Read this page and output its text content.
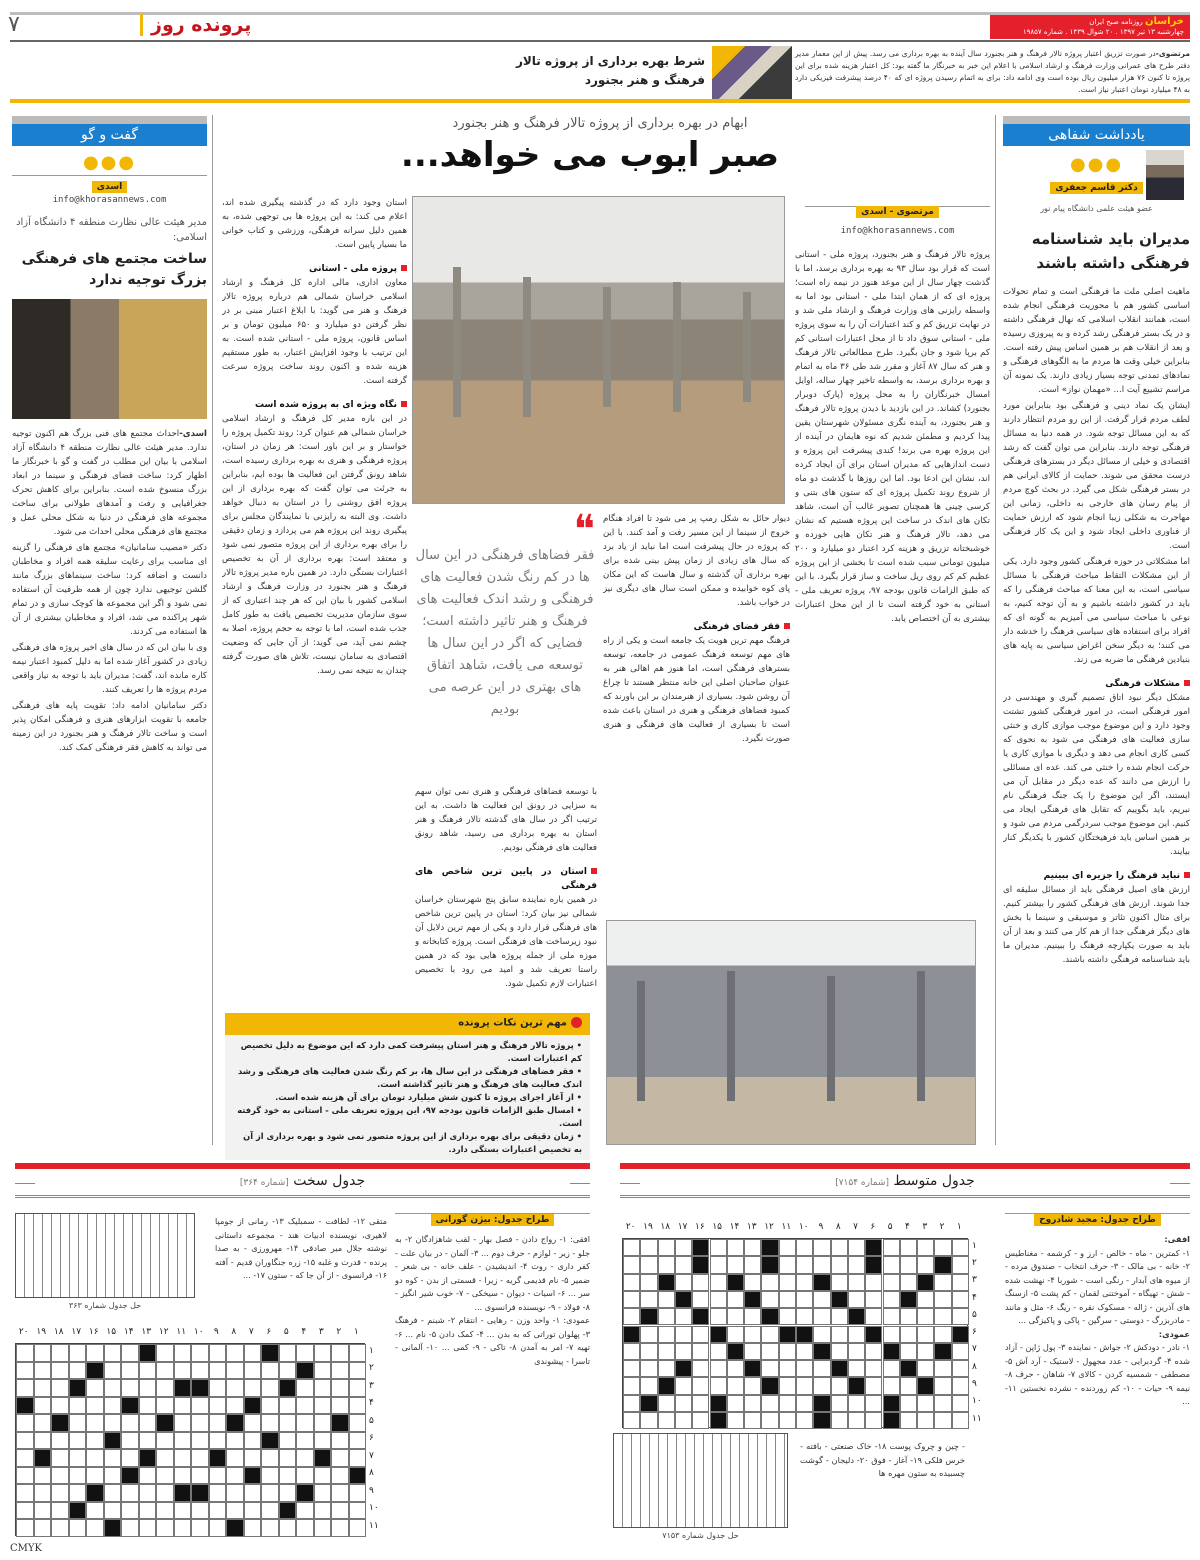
خراسان روزنامه صبح ایران
چهارشنبه ۱۳ تیر ۱۳۹۷ . ۲۰ شوال ۱۴۳۹ . شماره ۱۹۸۵۷
پرونده روز
۷
مرتضوی-در صورت تزریق اعتبار پروژه تالار فرهنگ و هنر بجنورد سال آینده به بهره برداری می رسد. پیش از این معمار مدیر دفتر طرح های عمرانی وزارت فرهنگ و ارشاد اسلامی با اعلام این خبر به خبرنگار ما گفته بود: کل اعتبار هزینه شده برای این پروژه تا کنون ۷۶ هزار میلیون ریال بوده است وی ادامه داد: برای به اتمام رسیدن پروژه ای که ۴۰ درصد پیشرفت فیزیکی دارد به ۴۸ میلیارد تومان اعتبار نیاز است.
شرط بهره برداری از پروژه تالار فرهنگ و هنر بجنورد
یادداشت شفاهی
●●●
دکتر قاسم جعفری
عضو هیئت علمی دانشگاه پیام نور
مدیران باید شناسنامه فرهنگی داشته باشند

ماهیت اصلی ملت ما فرهنگی است و تمام تحولات اساسی کشور هم با محوریت فرهنگی انجام شده است، همانند انقلاب اسلامی که نهال فرهنگی داشته و در یک بستر فرهنگی رشد کرده و به پیروزی رسیده و بعد از انقلاب هم بر همین اساس پیش رفته است. بنابراین خیلی وقت ها مردم ما به الگوهای فرهنگی و نمادهای تمدنی توجه بسیار زیادی دارند. یک نمونه آن مراسم تشییع آیت ا... «مهمان نواز» است.

ایشان یک نماد دینی و فرهنگی بود بنابراین مورد لطف مردم قرار گرفت. از این رو مردم انتظار دارند که به این مسائل توجه شود. در همه دنیا به مسائل فرهنگی توجه دارند. بنابراین می توان گفت که رشد اقتصادی و خیلی از مسائل دیگر در بسترهای فرهنگی درست محقق می شوند. حمایت از کالای ایرانی هم در بستر فرهنگی شکل می گیرد. در بحث کوچ مردم از پیام رسان های خارجی به داخلی، زمانی این مهاجرت به شکلی زیبا انجام شود که ارزش حمایت از فناوری داخلی ایجاد شود و این یک کار فرهنگی است.

اما مشکلاتی در حوزه فرهنگی کشور وجود دارد. یکی از این مشکلات التقاط مباحث فرهنگی با مسائل سیاسی است، به این معنا که مباحث فرهنگی را که باید در کشور داشته باشیم و به آن توجه کنیم، به نوعی با مباحث سیاسی می آمیزیم به گونه ای که افراد برای استفاده های سیاسی فرهنگ را خدشه دار می کنند؛ به دیگر سخن اغراض سیاسی به پایه های بنیادین فرهنگی ما ضربه می زند.

مشکلات فرهنگی

مشکل دیگر نبود اتاق تصمیم گیری و مهندسی در امور فرهنگی است، در امور فرهنگی کشور تشتت وجود دارد و این موضوع موجب موازی کاری و خنثی سازی فعالیت های فرهنگی می شود به نحوی که کسی کاری انجام می دهد و دیگری با موازی کاری یا حرکت انجام شده را خنثی می کند. عده ای مسائلی را ارزش می دانند که عده دیگر در مقابل آن می ایستند، اگر این موضوع را یک جنگ فرهنگی نام نبریم، باید بگوییم که تقابل های فرهنگی ایجاد می کنیم. این موضوع موجب سردرگمی مردم می شود و بر همین اساس باید فرهیختگان کشور با یکدیگر کنار بیایند.

نباید فرهنگ را جزیره ای ببینیم

ارزش های اصیل فرهنگی باید از مسائل سلیقه ای جدا شوند. ارزش های فرهنگی کشور را بیشتر کنیم. برای مثال اکنون تئاتر و موسیقی و سینما با بخش های دیگر فرهنگی جدا از هم کار می کنند و بعد از آن باید به صورت یکپارچه فرهنگ را ببینیم. مدیران ما باید شناسنامه فرهنگی داشته باشند.

ابهام در بهره برداری از پروژه تالار فرهنگ و هنر بجنورد
صبر ایوب می خواهد...
مرتضوی - اسدی
info@khorasannews.com

پروژه تالار فرهنگ و هنر بجنورد، پروژه ملی - استانی است که قرار بود سال ۹۳ به بهره برداری برسد، اما با گذشت چهار سال از این موعد هنوز در نیمه راه است؛ پروژه ای که از همان ابتدا ملی - استانی بود اما به واسطه رایزنی های وزارت فرهنگ و ارشاد ملی شد و در نهایت تزریق کم و کند اعتبارات آن را به سوی پروژه ملی - استانی سوق داد تا از محل اعتبارات استانی کم کم برپا شود و جان بگیرد. طرح مطالعاتی تالار فرهنگ و هنر که سال ۸۷ آغاز و مقرر شد طی ۳۶ ماه به اتمام و بهره برداری برسد، به واسطه تاخیر چهار ساله، اوایل امسال خبرنگاران را به محل پروژه (پارک دوبرار بجنورد) کشاند. در این بازدید با دیدن پروژه تالار فرهنگ و هنر بجنورد، به آینده نگری مسئولان شهرستان یقین پیدا کردیم و مطمئن شدیم که نوه هایمان در آینده از این پروژه بهره می برند! کندی پیشرفت این پروژه و دست اندازهایی که مدیران استان برای آن ایجاد کرده اند، نشان این ادعا بود. اما این روزها با گذشت دو ماه از شروع روند تکمیل پروژه ای که ستون های بتنی و کرسی چینی ها همچنان تصویر غالب آن است، شاهد تکان های اندک در ساخت این پروژه هستیم که نشان می دهد، تالار فرهنگ و هنر تکان هایی خورده و خوشبختانه تزریق و هزینه کرد اعتبار دو میلیارد و ۲۰۰ میلیون تومانی سبب شده است تا بخشی از این پروژه عظیم کم کم روی ریل ساخت و ساز قرار بگیرد. با این که طبق الزامات قانون بودجه ۹۷، پروژه تعریف ملی - استانی به خود گرفته است تا از این محل اعتبارات بیشتری به آن اختصاص یابد.

دیوار حائل به شکل رمپ پر می شود تا افراد هنگام خروج از سینما از این مسیر رفت و آمد کنند. با این که پروژه در حال پیشرفت است اما نباید از یاد برد که سال های زیادی از زمان پیش بینی شده برای بهره برداری آن گذشته و سال هاست که این مکان پای کوه خوابیده و ممکن است سال های دیگری نیز در خواب باشد.

فقر فضای فرهنگی

فرهنگ مهم ترین هویت یک جامعه است و یکی از راه های مهم توسعه فرهنگ عمومی در جامعه، توسعه بسترهای فرهنگی است، اما هنوز هم اهالی هنر به عنوان صاحبان اصلی این خانه منتظر هستند تا چراغ آن روشن شود. بسیاری از هنرمندان بر این باورند که کمبود فضاهای فرهنگی و هنری در استان باعث شده است تا بسیاری از فعالیت های فرهنگی و هنری صورت نگیرد.

❝
فقر فضاهای فرهنگی در این سال ها در کم رنگ شدن فعالیت های فرهنگی و رشد اندک فعالیت های فرهنگ و هنر تاثیر داشته است؛ فضایی که اگر در این سال ها توسعه می یافت، شاهد اتفاق های بهتری در این عرصه می بودیم

با توسعه فضاهای فرهنگی و هنری نمی توان سهم به سزایی در رونق این فعالیت ها داشت. به این ترتیب اگر در سال های گذشته تالار فرهنگ و هنر استان به بهره برداری می رسید، شاهد رونق فعالیت های فرهنگی بودیم.

استان در پایین ترین شاخص های فرهنگی

در همین باره نماینده سابق پنج شهرستان خراسان شمالی نیز بیان کرد: استان در پایین ترین شاخص های فرهنگی قرار دارد و یکی از مهم ترین دلایل آن نبود زیرساخت های فرهنگی است. پروژه کتابخانه و موزه ملی از جمله پروژه هایی بود که در همین راستا تعریف شد و امید می رود با تخصیص اعتبارات لازم تکمیل شود.

استان وجود دارد که در گذشته پیگیری شده اند، اعلام می کند: به این پروژه ها بی توجهی شده، به همین دلیل سرانه فرهنگی، ورزشی و کتاب خوانی ما بسیار پایین است.

پروژه ملی - استانی

معاون اداری، مالی اداره کل فرهنگ و ارشاد اسلامی خراسان شمالی هم درباره پروژه تالار فرهنگ و هنر می گوید: با ابلاغ اعتبار مبنی بر در نظر گرفتن دو میلیارد و ۶۵۰ میلیون تومان و بر اساس قانون، پروژه ملی - استانی شده است. به این ترتیب با وجود افزایش اعتبار، به طور مستقیم هزینه شده و اکنون روند ساخت پروژه سرعت گرفته است.

نگاه ویژه ای به پروژه شده است

در این باره مدیر کل فرهنگ و ارشاد اسلامی خراسان شمالی هم عنوان کرد: روند تکمیل پروژه را خواستار و بر این باور است: هر زمان در استان، پروژه فرهنگی و هنری به بهره برداری رسیده است، شاهد رونق گرفتن این فعالیت ها بوده ایم، بنابراین به جرئت می توان گفت که بهره برداری از این پروژه افق روشنی را در استان به دنبال خواهد داشت. وی البته به رایزنی با نمایندگان مجلس برای پیگیری روند این پروژه هم می پردازد و زمان دقیقی را برای بهره برداری از این پروژه متصور نمی شود و معتقد است: بهره برداری از آن به تخصیص اعتبارات بستگی دارد. در همین باره مدیر پروژه تالار فرهنگ و هنر بجنورد در وزارت فرهنگ و ارشاد اسلامی کشور با بیان این که هر چند اعتباری که از سوی سازمان مدیریت تخصیص یافت به طور کامل جذب شده است، اما با توجه به حجم پروژه، اصلا به چشم نمی آید، می گوید: از آن جایی که وضعیت اقتصادی به سامان نیست، تلاش های صورت گرفته چندان به نتیجه نمی رسد.

مهم ترین نکات پرونده
• پروژه تالار فرهنگ و هنر استان پیشرفت کمی دارد که این موضوع به دلیل تخصیص کم اعتبارات است.
• فقر فضاهای فرهنگی در این سال ها، بر کم رنگ شدن فعالیت های فرهنگی و رشد اندک فعالیت های فرهنگ و هنر تاثیر گذاشته است.
• از آغاز اجرای پروژه تا کنون شش میلیارد تومان برای آن هزینه شده است.
• امسال طبق الزامات قانون بودجه ۹۷، این پروژه تعریف ملی - استانی به خود گرفته است.
• زمان دقیقی برای بهره برداری از این پروژه متصور نمی شود و بهره برداری از آن به تخصیص اعتبارات بستگی دارد.
گفت و گو
●●●
اسدی
info@khorasannews.com
مدیر هیئت عالی نظارت منطقه ۴ دانشگاه آزاد اسلامی:
ساخت مجتمع های فرهنگی بزرگ توجیه ندارد

اسدی-احداث مجتمع های فنی بزرگ هم اکنون توجیه ندارد. مدیر هیئت عالی نظارت منطقه ۴ دانشگاه آزاد اسلامی با بیان این مطلب در گفت و گو با خبرنگار ما اظهار کرد: ساخت فضای فرهنگی و سینما در ابعاد بزرگ منسوخ شده است. بنابراین برای کاهش تحرک جغرافیایی و رفت و آمدهای طولانی برای ساخت مجموعه های فرهنگی در دنیا به شکل محلی عمل و مجتمع های فرهنگی محلی احداث می شود.

دکتر «مصیب سامانیان» مجتمع های فرهنگی را گزینه ای مناسب برای رعایت سلیقه همه افراد و مخاطبان دانست و اضافه کرد: ساخت سینماهای بزرگ مانند گلشن توجیهی ندارد چون از همه ظرفیت آن استفاده نمی شود و اگر این مجموعه ها کوچک سازی و در تمام شهر پراکنده می شد، افراد و مخاطبان بیشتری از آن ها استفاده می کردند.

وی با بیان این که در سال های اخیر پروژه های فرهنگی زیادی در کشور آغاز شده اما به دلیل کمبود اعتبار نیمه کاره مانده اند، گفت: مدیران باید با توجه به نیاز واقعی مردم پروژه ها را تعریف کنند.

دکتر سامانیان ادامه داد: تقویت پایه های فرهنگی جامعه با تقویت ابزارهای هنری و فرهنگی امکان پذیر است و ساخت تالار فرهنگ و هنر بجنورد در این زمینه می تواند به کاهش فقر فرهنگی کمک کند.

جدول متوسط [شماره ۷۱۵۴]
طراح جدول: مجید شادروح
افقی:

۱- کمترین - ماه - خالص - ارز و - کرشمه - مغناطیس ۲- خانه - بی مالک - ۳- حرف انتخاب - صندوق مرده - از میوه های آبدار - رنگی است - شوربا ۴- نهشت شده - شش - تهیگاه - آموختنی لقمان - کم پشت ۵- ازسنگ های آذرین - ژاله - مسکوک نقره - ریگ ۶- مثل و مانند - مادربزرگ - دوستی - سرگین - پاکی و پاکیزگی ...

عمودی:

۱- نادر - دودکش ۲- جواش - نماینده ۳- پول ژاپن - آزاد شده ۴- گردبرایی - عدد مجهول - لاستیک - آرد آش ۵- مصطفی - شمسیه کردن - کالای ۷- شاهان - حرف ۸- نیمه ۹- حیات - ۱۰- کم زوردنده - نشرده نخستین ۱۱- ...

۱
۲
۳
۴
۵
۶
۷
۸
۹
۱۰
۱۱
۱۲
۱۳
۱۴
۱۵
۱۶
۱۷
۱۸
۱۹
۲۰
۱
۲
۳
۴
۵
۶
۷
۸
۹
۱۰
۱۱
حل جدول شماره ۷۱۵۳
- چین و چروک پوست ۱۸- خاک صنعتی - بافته - خرس فلکی ۱۹- آغاز - فوق ۲۰- دلیجان - گوشت چسبیده به ستون مهره ها
جدول سخت [شماره ۳۶۴]
طراح جدول: بیژن گورانی

افقی: ۱- رواج دادن - فصل بهار - لقب شاهزادگان ۲- به جلو - زیر - لوازم - حرف دوم ... ۳- آلمان - در بیان علت - کفر داری - روت ۴- اندیشیدن - علف خانه - بی شعر - ضمیر ۵- نام قدیمی گریه - زیرا - قسمتی از بدن - کوه دو سر ... ۶- اسیات - دیوان - سیخکی - ۷- خوب شیر انگیز - ۸- فولاد - ۹- نویسنده فرانسوی ...

عمودی: ۱- واحد وزن - رهایی - انتقام ۲- شبنم - فرهنگ ۳- پهلوان توراتی که به بدن ... ۴- کمک دادن ۵- نام ... ۶- تهیه ۷- امر به آمدن ۸- تاکی - ۹- کمی ... ۱۰- آلمانی - تاسرا - پیشوندی

متقی ۱۲- لطافت - سمبلیک ۱۳- رمانی از جومپا لاهیری، نویسنده ادبیات هند - مجموعه داستانی نوشته جلال میر صادقی ۱۴- مهرورزی - به صدا پرنده - قدرت و غلبه ۱۵- زره جنگاوران قدیم - آفته ۱۶- فرانسوی - از آن جا که - ستون ۱۷- ...
حل جدول شماره ۳۶۳
۱
۲
۳
۴
۵
۶
۷
۸
۹
۱۰
۱۱
۱۲
۱۳
۱۴
۱۵
۱۶
۱۷
۱۸
۱۹
۲۰
۱
۲
۳
۴
۵
۶
۷
۸
۹
۱۰
۱۱
CMYK
